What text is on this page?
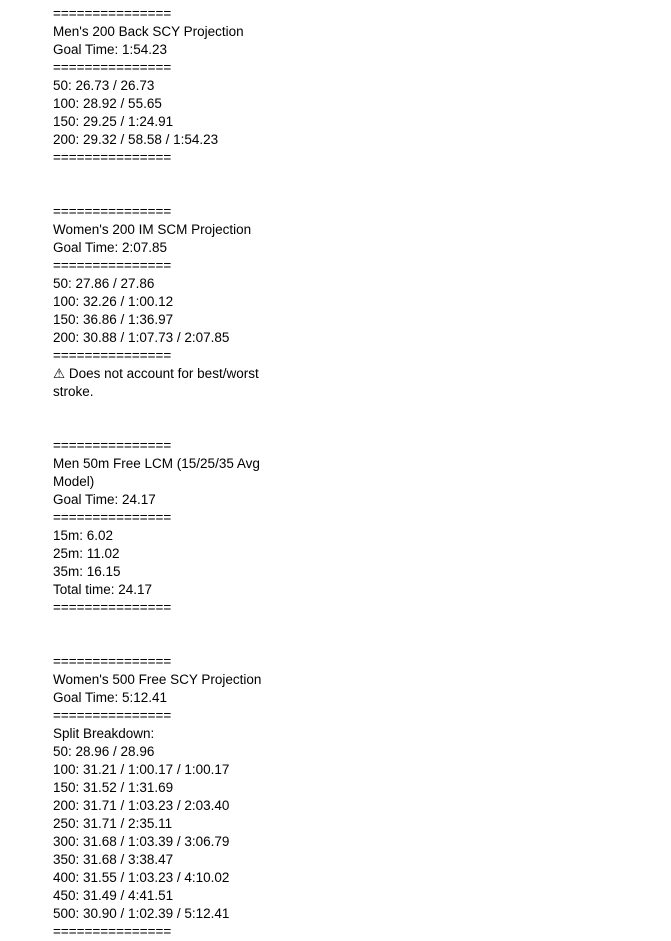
===============
Men's 200 Back SCY Projection
Goal Time: 1:54.23
===============
50: 26.73 / 26.73
100: 28.92 / 55.65
150: 29.25 / 1:24.91
200: 29.32 / 58.58 / 1:54.23
===============
===============
Women's 200 IM SCM Projection
Goal Time: 2:07.85
===============
50: 27.86 / 27.86
100: 32.26 / 1:00.12
150: 36.86 / 1:36.97
200: 30.88 / 1:07.73 / 2:07.85
===============
⚠ Does not account for best/worst stroke.
===============
Men 50m Free LCM (15/25/35 Avg Model)
Goal Time: 24.17
===============
15m: 6.02
25m: 11.02
35m: 16.15
Total time: 24.17
===============
===============
Women's 500 Free SCY Projection
Goal Time: 5:12.41
===============
Split Breakdown:
50: 28.96 / 28.96
100: 31.21 / 1:00.17 / 1:00.17
150: 31.52 / 1:31.69
200: 31.71 / 1:03.23 / 2:03.40
250: 31.71 / 2:35.11
300: 31.68 / 1:03.39 / 3:06.79
350: 31.68 / 3:38.47
400: 31.55 / 1:03.23 / 4:10.02
450: 31.49 / 4:41.51
500: 30.90 / 1:02.39 / 5:12.41
===============
